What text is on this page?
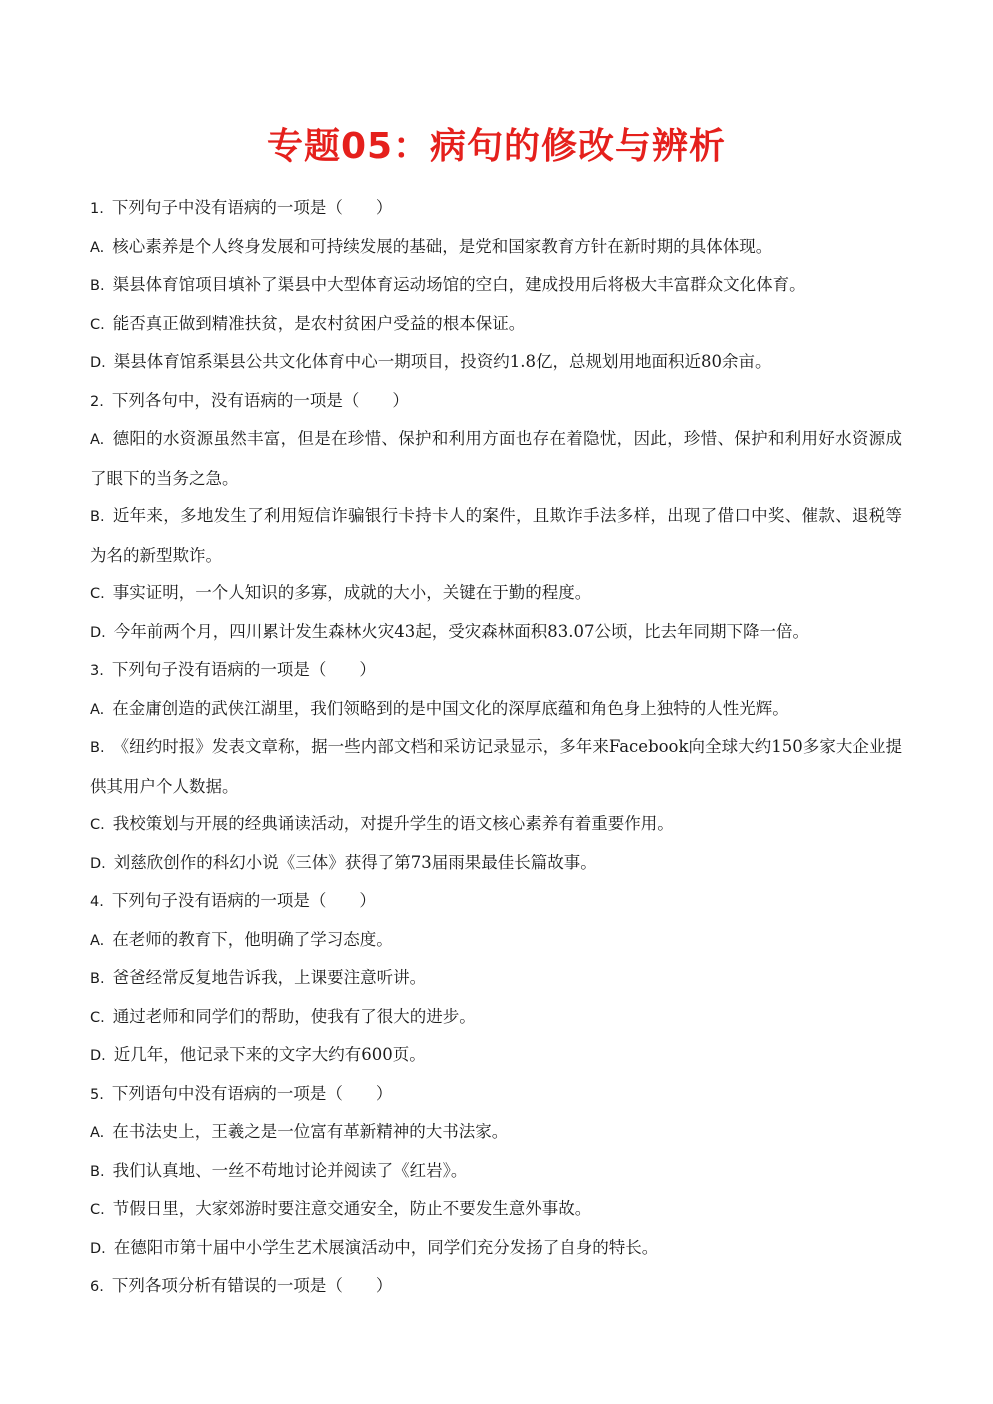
专题05：病句的修改与辨析
1. 下列句子中没有语病的一项是（　　）
A. 核心素养是个人终身发展和可持续发展的基础，是党和国家教育方针在新时期的具体体现。
B. 渠县体育馆项目填补了渠县中大型体育运动场馆的空白，建成投用后将极大丰富群众文化体育。
C. 能否真正做到精准扶贫，是农村贫困户受益的根本保证。
D. 渠县体育馆系渠县公共文化体育中心一期项目，投资约1.8亿，总规划用地面积近80余亩。
2. 下列各句中，没有语病的一项是（　　）
A. 德阳的水资源虽然丰富，但是在珍惜、保护和利用方面也存在着隐忧，因此，珍惜、保护和利用好水资源成了眼下的当务之急。
B. 近年来，多地发生了利用短信诈骗银行卡持卡人的案件，且欺诈手法多样，出现了借口中奖、催款、退税等为名的新型欺诈。
C. 事实证明，一个人知识的多寡，成就的大小，关键在于勤的程度。
D. 今年前两个月，四川累计发生森林火灾43起，受灾森林面积83.07公顷，比去年同期下降一倍。
3. 下列句子没有语病的一项是（　　）
A. 在金庸创造的武侠江湖里，我们领略到的是中国文化的深厚底蕴和角色身上独特的人性光辉。
B. 《纽约时报》发表文章称，据一些内部文档和采访记录显示，多年来Facebook向全球大约150多家大企业提供其用户个人数据。
C. 我校策划与开展的经典诵读活动，对提升学生的语文核心素养有着重要作用。
D. 刘慈欣创作的科幻小说《三体》获得了第73届雨果最佳长篇故事。
4. 下列句子没有语病的一项是（　　）
A. 在老师的教育下，他明确了学习态度。
B. 爸爸经常反复地告诉我，上课要注意听讲。
C. 通过老师和同学们的帮助，使我有了很大的进步。
D. 近几年，他记录下来的文字大约有600页。
5. 下列语句中没有语病的一项是（　　）
A. 在书法史上，王羲之是一位富有革新精神的大书法家。
B. 我们认真地、一丝不苟地讨论并阅读了《红岩》。
C. 节假日里，大家郊游时要注意交通安全，防止不要发生意外事故。
D. 在德阳市第十届中小学生艺术展演活动中，同学们充分发扬了自身的特长。
6. 下列各项分析有错误的一项是（　　）
